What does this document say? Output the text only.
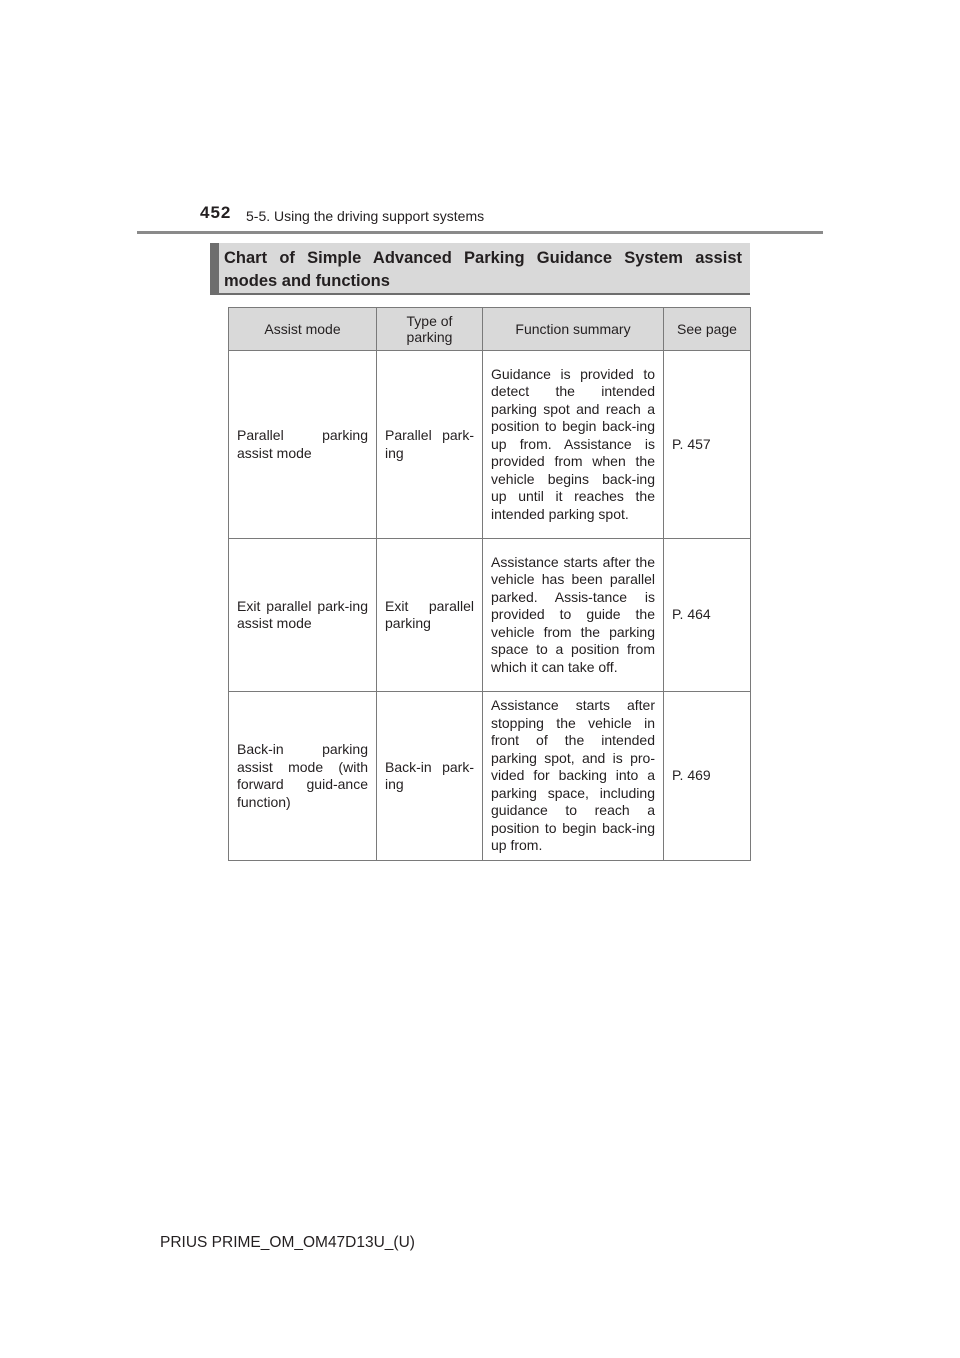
452 5-5. Using the driving support systems
Chart of Simple Advanced Parking Guidance System assist modes and functions
Assist mode	Type of parking	Function summary	See page
Parallel parking assist mode	Parallel park-ing	Guidance is provided to detect the intended parking spot and reach a position to begin back-ing up from. Assistance is provided from when the vehicle begins back-ing up until it reaches the intended parking spot.	P. 457
Exit parallel park-ing assist mode	Exit parallel parking	Assistance starts after the vehicle has been parallel parked. Assis-tance is provided to guide the vehicle from the parking space to a position from which it can take off.	P. 464
Back-in parking assist mode (with forward guid-ance function)	Back-in park-ing	Assistance starts after stopping the vehicle in front of the intended parking spot, and is pro-vided for backing into a parking space, including guidance to reach a position to begin back-ing up from.	P. 469
PRIUS PRIME_OM_OM47D13U_(U)
